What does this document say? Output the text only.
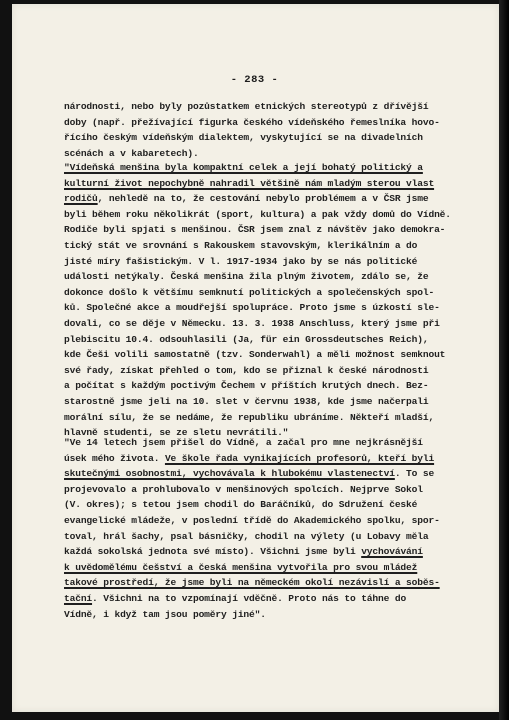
- 283 -
národnosti, nebo byly pozůstatkem etnických stereotypů z dřívější
doby (např. přežívající figurka českého vídeňského řemeslníka hovo-
řícího českým vídeňským dialektem, vyskytující se na divadelních
scénách a v kabaretech).
"Vídeňská menšina byla kompaktní celek a její bohatý politický a
kulturní život nepochybně nahradil většině nám mladým sterou vlast
rodičů, nehledě na to, že cestování nebylo problémem a v ČSR jsme
byli během roku několikrát (sport, kultura) a pak vždy domů do Vídně.
Rodiče byli spjati s menšinou. ČSR jsem znal z návštěv jako demokra-
tický stát ve srovnání s Rakouskem stavovským, klerikálním a do
jisté míry fašistickým. V l. 1917-1934 jako by se nás politické
události netýkaly. Česká menšina žila plným životem, zdálo se, že
dokonce došlo k většímu semknutí politických a společenských spol-
ků. Společné akce a moudřejší spolupráce. Proto jsme s úzkostí sle-
dovali, co se děje v Německu. 13. 3. 1938 Anschluss, který jsme při
plebiscitu 10.4. odsouhlasili (Ja, für ein Grossdeutsches Reich),
kde Češi volili samostatně (tzv. Sonderwahl) a měli možnost semknout
své řady, získat přehled o tom, kdo se přiznal k české národnosti
a počítat s každým poctivým Čechem v příštích krutých dnech. Bez-
starostně jsme jeli na 10. slet v červnu 1938, kde jsme načerpali
morální sílu, že se nedáme, že republiku ubráníme. Někteří mladší,
hlavně studenti, se ze sletu nevrátili."
"Ve 14 letech jsem přišel do Vídně, a začal pro mne nejkrásnější
úsek mého života. Ve škole řada vynikajících profesorů, kteří byli
skutečnými osobnostmi, vychovávala k hlubokému vlastenectví. To se
projevovalo a prohlubovalo v menšinových spolcích. Nejprve Sokol
(V. okres); s tetou jsem chodil do Baráčníků, do Sdružení české
evangelické mládeže, v poslední třídě do Akademického spolku, spor-
toval, hrál šachy, psal básničky, chodil na výlety (u Lobavy měla
každá sokolská jednota své místo). Všichni jsme byli vychovávání
k uvědomělému češství a česká menšina vytvořila pro svou mládež
takové prostředí, že jsme byli na německém okolí nezávislí a soběs-
tační. Všichni na to vzpomínají vděčně. Proto nás to táhne do
Vídně, i když tam jsou poměry jiné".
